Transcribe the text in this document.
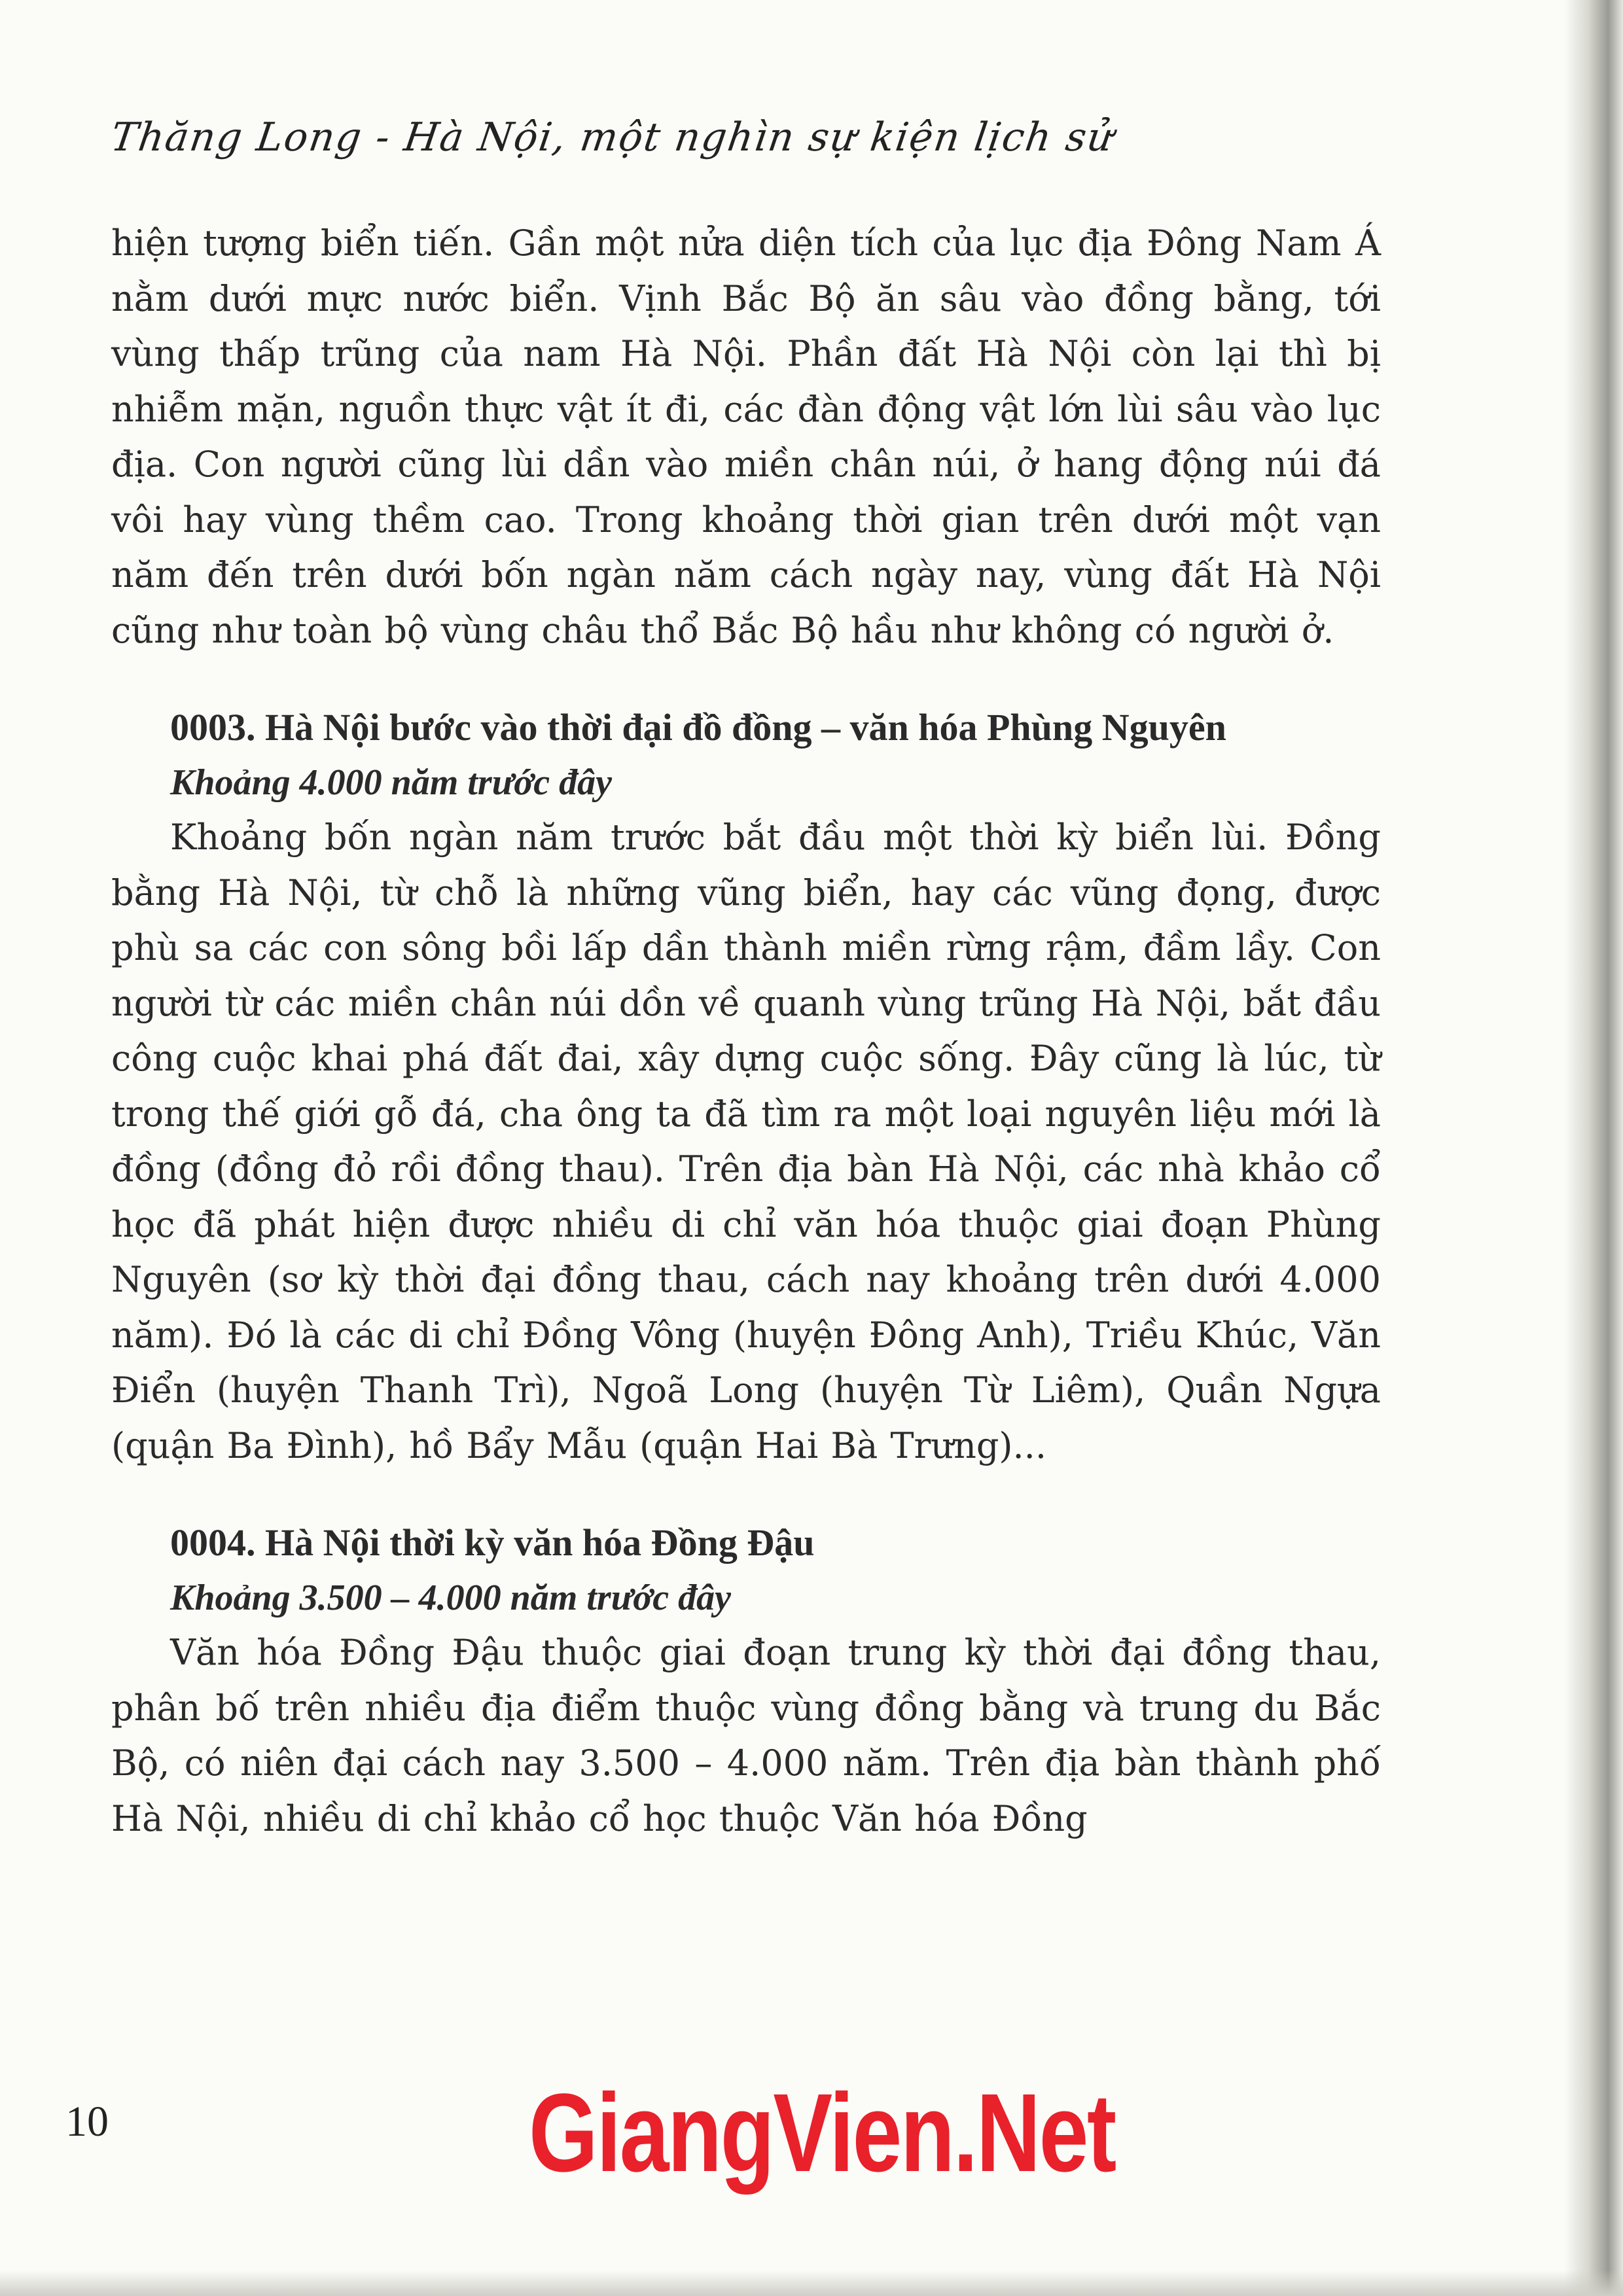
Thăng Long - Hà Nội, một nghìn sự kiện lịch sử

hiện tượng biển tiến. Gần một nửa diện tích của lục địa Đông Nam Á nằm dưới mực nước biển. Vịnh Bắc Bộ ăn sâu vào đồng bằng, tới vùng thấp trũng của nam Hà Nội. Phần đất Hà Nội còn lại thì bị nhiễm mặn, nguồn thực vật ít đi, các đàn động vật lớn lùi sâu vào lục địa. Con người cũng lùi dần vào miền chân núi, ở hang động núi đá vôi hay vùng thềm cao. Trong khoảng thời gian trên dưới một vạn năm đến trên dưới bốn ngàn năm cách ngày nay, vùng đất Hà Nội cũng như toàn bộ vùng châu thổ Bắc Bộ hầu như không có người ở.

0003. Hà Nội bước vào thời đại đồ đồng – văn hóa Phùng Nguyên

Khoảng 4.000 năm trước đây

Khoảng bốn ngàn năm trước bắt đầu một thời kỳ biển lùi. Đồng bằng Hà Nội, từ chỗ là những vũng biển, hay các vũng đọng, được phù sa các con sông bồi lấp dần thành miền rừng rậm, đầm lầy. Con người từ các miền chân núi dồn về quanh vùng trũng Hà Nội, bắt đầu công cuộc khai phá đất đai, xây dựng cuộc sống. Đây cũng là lúc, từ trong thế giới gỗ đá, cha ông ta đã tìm ra một loại nguyên liệu mới là đồng (đồng đỏ rồi đồng thau). Trên địa bàn Hà Nội, các nhà khảo cổ học đã phát hiện được nhiều di chỉ văn hóa thuộc giai đoạn Phùng Nguyên (sơ kỳ thời đại đồng thau, cách nay khoảng trên dưới 4.000 năm). Đó là các di chỉ Đồng Vông (huyện Đông Anh), Triều Khúc, Văn Điển (huyện Thanh Trì), Ngoã Long (huyện Từ Liêm), Quần Ngựa (quận Ba Đình), hồ Bẩy Mẫu (quận Hai Bà Trưng)...

0004. Hà Nội thời kỳ văn hóa Đồng Đậu

Khoảng 3.500 – 4.000 năm trước đây

Văn hóa Đồng Đậu thuộc giai đoạn trung kỳ thời đại đồng thau, phân bố trên nhiều địa điểm thuộc vùng đồng bằng và trung du Bắc Bộ, có niên đại cách nay 3.500 – 4.000 năm. Trên địa bàn thành phố Hà Nội, nhiều di chỉ khảo cổ học thuộc Văn hóa Đồng

10	GiangVien.Net
